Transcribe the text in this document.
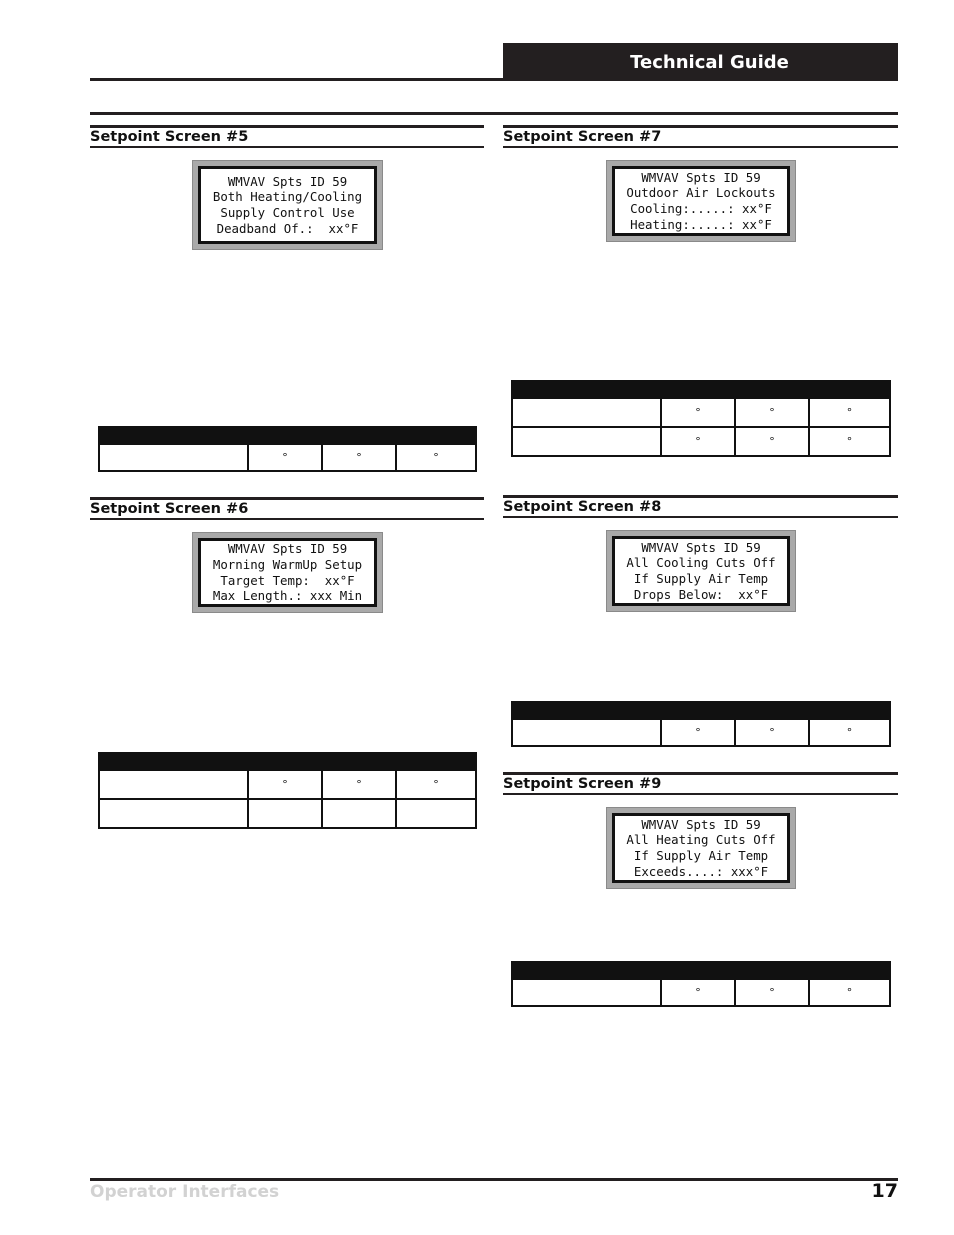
Technical Guide
Setpoint Screen #5
WMVAV Spts ID 59
Both Heating/Cooling
Supply Control Use
Deadband Of.:  xx°F

	°	°	°
Setpoint Screen #6
WMVAV Spts ID 59
Morning WarmUp Setup
Target Temp:  xx°F
Max Length.: xxx Min

	°	°	°

Setpoint Screen #7
WMVAV Spts ID 59
Outdoor Air Lockouts
Cooling:.....: xx°F
Heating:.....: xx°F

	°	°	°
	°	°	°
Setpoint Screen #8
WMVAV Spts ID 59
All Cooling Cuts Off
If Supply Air Temp
Drops Below:  xx°F

	°	°	°
Setpoint Screen #9
WMVAV Spts ID 59
All Heating Cuts Off
If Supply Air Temp
Exceeds....: xxx°F

	°	°	°
Operator Interfaces	17
